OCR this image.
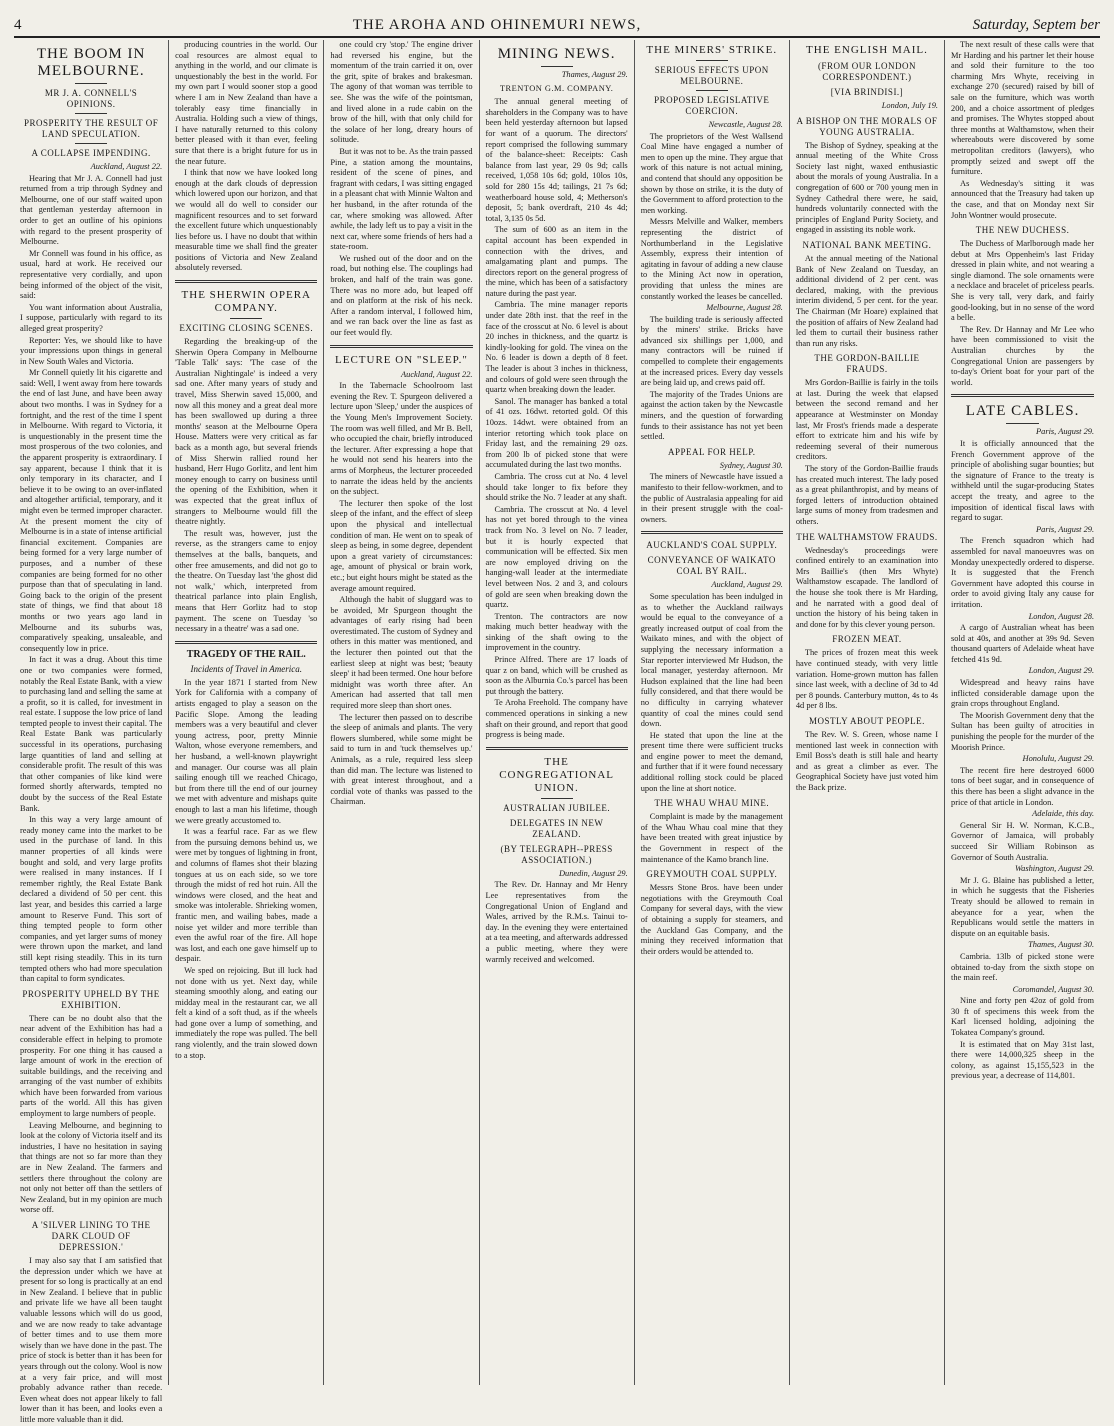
4	THE AROHA AND OHINEMURI NEWS,	Saturday, Septem ber
THE BOOM IN MELBOURNE.
MR J. A. CONNELL'S OPINIONS.
PROSPERITY THE RESULT OF LAND SPECULATION.
A COLLAPSE IMPENDING.
Auckland, August 22.

Hearing that Mr J. A. Connell had just returned from a trip through Sydney and Melbourne, one of our staff waited upon that gentleman yesterday afternoon in order to get an outline of his opinions with regard to the present prosperity of Melbourne.

Mr Connell was found in his office, as usual, hard at work. He received our representative very cordially, and upon being informed of the object of the visit, said:

You want information about Australia, I suppose, particularly with regard to its alleged great prosperity?

Reporter: Yes, we should like to have your impressions upon things in general in New South Wales and Victoria.

Mr Connell quietly lit his cigarette and said: Well, I went away from here towards the end of last June, and have been away about two months. I was in Sydney for a fortnight, and the rest of the time I spent in Melbourne. With regard to Victoria, it is unquestionably in the present time the most prosperous of the two colonies, and the apparent prosperity is extraordinary. I say apparent, because I think that it is only temporary in its character, and I believe it to be owing to an over-inflated and altogether artificial, temporary, and it might even be termed improper character. At the present moment the city of Melbourne is in a state of intense artificial financial excitement. Companies are being formed for a very large number of purposes, and a number of these companies are being formed for no other purpose than that of speculating in land. Going back to the origin of the present state of things, we find that about 18 months or two years ago land in Melbourne and its suburbs was, comparatively speaking, unsaleable, and consequently low in price.

In fact it was a drug. About this time one or two companies were formed, notably the Real Estate Bank, with a view to purchasing land and selling the same at a profit, so it is called, for investment in real estate. I suppose the low price of land tempted people to invest their capital. The Real Estate Bank was particularly successful in its operations, purchasing large quantities of land and selling at considerable profit. The result of this was that other companies of like kind were formed shortly afterwards, tempted no doubt by the success of the Real Estate Bank.

In this way a very large amount of ready money came into the market to be used in the purchase of land. In this manner properties of all kinds were bought and sold, and very large profits were realised in many instances. If I remember rightly, the Real Estate Bank declared a dividend of 50 per cent. this last year, and besides this carried a large amount to Reserve Fund. This sort of thing tempted people to form other companies, and yet larger sums of money were thrown upon the market, and land still kept rising steadily. This in its turn tempted others who had more speculation than capital to form syndicates.

PROSPERITY UPHELD BY THE EXHIBITION.

There can be no doubt also that the near advent of the Exhibition has had a considerable effect in helping to promote prosperity. For one thing it has caused a large amount of work in the erection of suitable buildings, and the receiving and arranging of the vast number of exhibits which have been forwarded from various parts of the world. All this has given employment to large numbers of people.

Leaving Melbourne, and beginning to look at the colony of Victoria itself and its industries, I have no hesitation in saying that things are not so far more than they are in New Zealand. The farmers and settlers there throughout the colony are not only not better off than the settlers of New Zealand, but in my opinion are much worse off.

A 'SILVER LINING TO THE DARK CLOUD OF DEPRESSION.'

I may also say that I am satisfied that the depression under which we have at present for so long is practically at an end in New Zealand. I believe that in public and private life we have all been taught valuable lessons which will do us good, and we are now ready to take advantage of better times and to use them more wisely than we have done in the past. The price of stock is better than it has been for years through out the colony. Wool is now at a very fair price, and will most probably advance rather than recede. Even wheat does not appear likely to fall lower than it has been, and looks even a little more valuable than it did.

producing countries in the world. Our coal resources are almost equal to anything in the world, and our climate is unquestionably the best in the world. For my own part I would sooner stop a good where I am in New Zealand than have a tolerably easy time financially in Australia. Holding such a view of things, I have naturally returned to this colony better pleased with it than ever, feeling sure that there is a bright future for us in the near future.

I think that now we have looked long enough at the dark clouds of depression which lowered upon our horizon, and that we would all do well to consider our magnificent resources and to set forward the excellent future which unquestionably lies before us. I have no doubt that within measurable time we shall find the greater positions of Victoria and New Zealand absolutely reversed.

THE SHERWIN OPERA COMPANY.
EXCITING CLOSING SCENES.

Regarding the breaking-up of the Sherwin Opera Company in Melbourne 'Table Talk' says: 'The case of the Australian Nightingale' is indeed a very sad one. After many years of study and travel, Miss Sherwin saved 15,000, and now all this money and a great deal more has been swallowed up during a three months' season at the Melbourne Opera House. Matters were very critical as far back as a month ago, but several friends of Miss Sherwin rallied round her husband, Herr Hugo Gorlitz, and lent him money enough to carry on business until the opening of the Exhibition, when it was expected that the great influx of strangers to Melbourne would fill the theatre nightly.

The result was, however, just the reverse, as the strangers came to enjoy themselves at the balls, banquets, and other free amusements, and did not go to the theatre. On Tuesday last 'the ghost did not walk,' which, interpreted from theatrical parlance into plain English, means that Herr Gorlitz had to stop payment. The scene on Tuesday 'so necessary in a theatre' was a sad one.

TRAGEDY OF THE RAIL.
Incidents of Travel in America.

In the year 1871 I started from New York for California with a company of artists engaged to play a season on the Pacific Slope. Among the leading members was a very beautiful and clever young actress, poor, pretty Minnie Walton, whose everyone remembers, and her husband, a well-known playwright and manager. Our course was all plain sailing enough till we reached Chicago, but from there till the end of our journey we met with adventure and mishaps quite enough to last a man his lifetime, though we were greatly accustomed to.

It was a fearful race. Far as we flew from the pursuing demons behind us, we were met by tongues of lightning in front, and columns of flames shot their blazing tongues at us on each side, so we tore through the midst of red hot ruin. All the windows were closed, and the heat and smoke was intolerable. Shrieking women, frantic men, and wailing babes, made a noise yet wilder and more terrible than even the awful roar of the fire. All hope was lost, and each one gave himself up to despair.

We sped on rejoicing. But ill luck had not done with us yet. Next day, while steaming smoothly along, and eating our midday meal in the restaurant car, we all felt a kind of a soft thud, as if the wheels had gone over a lump of something, and immediately the rope was pulled. The bell rang violently, and the train slowed down to a stop.

one could cry 'stop.' The engine driver had reversed his engine, but the momentum of the train carried it on, over the grit, spite of brakes and brakesman. The agony of that woman was terrible to see. She was the wife of the pointsman, and lived alone in a rude cabin on the brow of the hill, with that only child for the solace of her long, dreary hours of solitude.

But it was not to be. As the train passed Pine, a station among the mountains, resident of the scene of pines, and fragrant with cedars, I was sitting engaged in a pleasant chat with Minnie Walton and her husband, in the after rotunda of the car, where smoking was allowed. After awhile, the lady left us to pay a visit in the next car, where some friends of hers had a state-room.

We rushed out of the door and on the road, but nothing else. The couplings had broken, and half of the train was gone. There was no more ado, but leaped off and on platform at the risk of his neck. After a random interval, I followed him, and we ran back over the line as fast as our feet would fly.

LECTURE ON "SLEEP."
Auckland, August 22.

In the Tabernacle Schoolroom last evening the Rev. T. Spurgeon delivered a lecture upon 'Sleep,' under the auspices of the Young Men's Improvement Society. The room was well filled, and Mr B. Bell, who occupied the chair, briefly introduced the lecturer. After expressing a hope that he would not send his hearers into the arms of Morpheus, the lecturer proceeded to narrate the ideas held by the ancients on the subject.

The lecturer then spoke of the lost sleep of the infant, and the effect of sleep upon the physical and intellectual condition of man. He went on to speak of sleep as being, in some degree, dependent upon a great variety of circumstances: age, amount of physical or brain work, etc.; but eight hours might be stated as the average amount required.

Although the habit of sluggard was to be avoided, Mr Spurgeon thought the advantages of early rising had been overestimated. The custom of Sydney and others in this matter was mentioned, and the lecturer then pointed out that the earliest sleep at night was best; 'beauty sleep' it had been termed. One hour before midnight was worth three after. An American had asserted that tall men required more sleep than short ones.

The lecturer then passed on to describe the sleep of animals and plants. The very flowers slumbered, while some might be said to turn in and 'tuck themselves up.' Animals, as a rule, required less sleep than did man. The lecture was listened to with great interest throughout, and a cordial vote of thanks was passed to the Chairman.

MINING NEWS.
Thames, August 29.
TRENTON G.M. COMPANY.

The annual general meeting of shareholders in the Company was to have been held yesterday afternoon but lapsed for want of a quorum. The directors' report comprised the following summary of the balance-sheet: Receipts: Cash balance from last year, 29 0s 9d; calls received, 1,058 10s 6d; gold, 10los 10s, sold for 280 15s 4d; tailings, 21 7s 6d; weatherboard house sold, 4; Metherson's deposit, 5; bank overdraft, 210 4s 4d; total, 3,135 0s 5d.

The sum of 600 as an item in the capital account has been expended in connection with the drives, and amalgamating plant and pumps. The directors report on the general progress of the mine, which has been of a satisfactory nature during the past year.

Cambria. The mine manager reports under date 28th inst. that the reef in the face of the crosscut at No. 6 level is about 20 inches in thickness, and the quartz is kindly-looking for gold. The vinea on the No. 6 leader is down a depth of 8 feet. The leader is about 3 inches in thickness, and colours of gold were seen through the quartz when breaking down the leader.

Sanol. The manager has banked a total of 41 ozs. 16dwt. retorted gold. Of this 10ozs. 14dwt. were obtained from an interior retorting which took place on Friday last, and the remaining 29 ozs. from 200 lb of picked stone that were accumulated during the last two months.

Cambria. The cross cut at No. 4 level should take longer to fix before they should strike the No. 7 leader at any shaft.

Cambria. The crosscut at No. 4 level has not yet bored through to the vinea track from No. 3 level on No. 7 leader, but it is hourly expected that communication will be effected. Six men are now employed driving on the hanging-wall leader at the intermediate level between Nos. 2 and 3, and colours of gold are seen when breaking down the quartz.

Trenton. The contractors are now making much better headway with the sinking of the shaft owing to the improvement in the country.

Prince Alfred. There are 17 loads of quar z on band, which will be crushed as soon as the Alburnia Co.'s parcel has been put through the battery.

Te Aroha Freehold. The company have commenced operations in sinking a new shaft on their ground, and report that good progress is being made.

THE CONGREGATIONAL UNION.
AUSTRALIAN JUBILEE.
DELEGATES IN NEW ZEALAND.
(BY TELEGRAPH--PRESS ASSOCIATION.)
Dunedin, August 29.

The Rev. Dr. Hannay and Mr Henry Lee representatives from the Congregational Union of England and Wales, arrived by the R.M.s. Tainui to-day. In the evening they were entertained at a tea meeting, and afterwards addressed a public meeting, where they were warmly received and welcomed.

THE MINERS' STRIKE.
SERIOUS EFFECTS UPON MELBOURNE.
PROPOSED LEGISLATIVE COERCION.
Newcastle, August 28.

The proprietors of the West Wallsend Coal Mine have engaged a number of men to open up the mine. They argue that work of this nature is not actual mining, and contend that should any opposition be shown by those on strike, it is the duty of the Government to afford protection to the men working.

Messrs Melville and Walker, members representing the district of Northumberland in the Legislative Assembly, express their intention of agitating in favour of adding a new clause to the Mining Act now in operation, providing that unless the mines are constantly worked the leases be cancelled.

Melbourne, August 28.

The building trade is seriously affected by the miners' strike. Bricks have advanced six shillings per 1,000, and many contractors will be ruined if compelled to complete their engagements at the increased prices. Every day vessels are being laid up, and crews paid off.

The majority of the Trades Unions are against the action taken by the Newcastle miners, and the question of forwarding funds to their assistance has not yet been settled.

APPEAL FOR HELP.
Sydney, August 30.

The miners of Newcastle have issued a manifesto to their fellow-workmen, and to the public of Australasia appealing for aid in their present struggle with the coal-owners.

AUCKLAND'S COAL SUPPLY.
CONVEYANCE OF WAIKATO COAL BY RAIL.
Auckland, August 29.

Some speculation has been indulged in as to whether the Auckland railways would be equal to the conveyance of a greatly increased output of coal from the Waikato mines, and with the object of supplying the necessary information a Star reporter interviewed Mr Hudson, the local manager, yesterday afternoon. Mr Hudson explained that the line had been fully considered, and that there would be no difficulty in carrying whatever quantity of coal the mines could send down.

He stated that upon the line at the present time there were sufficient trucks and engine power to meet the demand, and further that if it were found necessary additional rolling stock could be placed upon the line at short notice.

THE WHAU WHAU MINE.

Complaint is made by the management of the Whau Whau coal mine that they have been treated with great injustice by the Government in respect of the maintenance of the Kamo branch line.

GREYMOUTH COAL SUPPLY.

Messrs Stone Bros. have been under negotiations with the Greymouth Coal Company for several days, with the view of obtaining a supply for steamers, and the Auckland Gas Company, and the mining they received information that their orders would be attended to.

THE ENGLISH MAIL.
(FROM OUR LONDON CORRESPONDENT.)
[VIA BRINDISI.]
London, July 19.
A BISHOP ON THE MORALS OF YOUNG AUSTRALIA.

The Bishop of Sydney, speaking at the annual meeting of the White Cross Society last night, waxed enthusiastic about the morals of young Australia. In a congregation of 600 or 700 young men in Sydney Cathedral there were, he said, hundreds voluntarily connected with the principles of England Purity Society, and engaged in assisting its noble work.

NATIONAL BANK MEETING.

At the annual meeting of the National Bank of New Zealand on Tuesday, an additional dividend of 2 per cent. was declared, making, with the previous interim dividend, 5 per cent. for the year. The Chairman (Mr Hoare) explained that the position of affairs of New Zealand had led them to curtail their business rather than run any risks.

THE GORDON-BAILLIE FRAUDS.

Mrs Gordon-Baillie is fairly in the toils at last. During the week that elapsed between the second remand and her appearance at Westminster on Monday last, Mr Frost's friends made a desperate effort to extricate him and his wife by redeeming several of their numerous creditors.

The story of the Gordon-Baillie frauds has created much interest. The lady posed as a great philanthropist, and by means of forged letters of introduction obtained large sums of money from tradesmen and others.

THE WALTHAMSTOW FRAUDS.

Wednesday's proceedings were confined entirely to an examination into Mrs Baillie's (then Mrs Whyte) Walthamstow escapade. The landlord of the house she took there is Mr Harding, and he narrated with a good deal of unction the history of his being taken in and done for by this clever young person.

FROZEN MEAT.

The prices of frozen meat this week have continued steady, with very little variation. Home-grown mutton has fallen since last week, with a decline of 3d to 4d per 8 pounds. Canterbury mutton, 4s to 4s 4d per 8 lbs.

MOSTLY ABOUT PEOPLE.

The Rev. W. S. Green, whose name I mentioned last week in connection with Emil Boss's death is still hale and hearty and as great a climber as ever. The Geographical Society have just voted him the Back prize.

The next result of these calls were that Mr Harding and his partner let their house and sold their furniture to the too charming Mrs Whyte, receiving in exchange 270 (secured) raised by bill of sale on the furniture, which was worth 200, and a choice assortment of pledges and promises. The Whytes stopped about three months at Walthamstow, when their whereabouts were discovered by some metropolitan creditors (lawyers), who promptly seized and swept off the furniture.

As Wednesday's sitting it was announced that the Treasury had taken up the case, and that on Monday next Sir John Wontner would prosecute.

THE NEW DUCHESS.

The Duchess of Marlborough made her debut at Mrs Oppenheim's last Friday dressed in plain white, and not wearing a single diamond. The sole ornaments were a necklace and bracelet of priceless pearls. She is very tall, very dark, and fairly good-looking, but in no sense of the word a belle.

The Rev. Dr Hannay and Mr Lee who have been commissioned to visit the Australian churches by the Congregational Union are passengers by to-day's Orient boat for your part of the world.

LATE CABLES.
Paris, August 29.

It is officially announced that the French Government approve of the principle of abolishing sugar bounties; but the signature of France to the treaty is withheld until the sugar-producing States accept the treaty, and agree to the imposition of identical fiscal laws with regard to sugar.

Paris, August 29.

The French squadron which had assembled for naval manoeuvres was on Monday unexpectedly ordered to disperse. It is suggested that the French Government have adopted this course in order to avoid giving Italy any cause for irritation.

London, August 28.

A cargo of Australian wheat has been sold at 40s, and another at 39s 9d. Seven thousand quarters of Adelaide wheat have fetched 41s 9d.

London, August 29.

Widespread and heavy rains have inflicted considerable damage upon the grain crops throughout England.

The Moorish Government deny that the Sultan has been guilty of atrocities in punishing the people for the murder of the Moorish Prince.

Honolulu, August 29.

The recent fire here destroyed 6000 tons of beet sugar, and in consequence of this there has been a slight advance in the price of that article in London.

Adelaide, this day.

General Sir H. W. Norman, K.C.B., Governor of Jamaica, will probably succeed Sir William Robinson as Governor of South Australia.

Washington, August 29.

Mr J. G. Blaine has published a letter, in which he suggests that the Fisheries Treaty should be allowed to remain in abeyance for a year, when the Republicans would settle the matters in dispute on an equitable basis.

Thames, August 30.

Cambria. 13lb of picked stone were obtained to-day from the sixth stope on the main reef.

Coromandel, August 30.

Nine and forty pen 42oz of gold from 30 ft of specimens this week from the Karl licensed holding, adjoining the Tokatea Company's ground.

It is estimated that on May 31st last, there were 14,000,325 sheep in the colony, as against 15,155,523 in the previous year, a decrease of 114,801.
